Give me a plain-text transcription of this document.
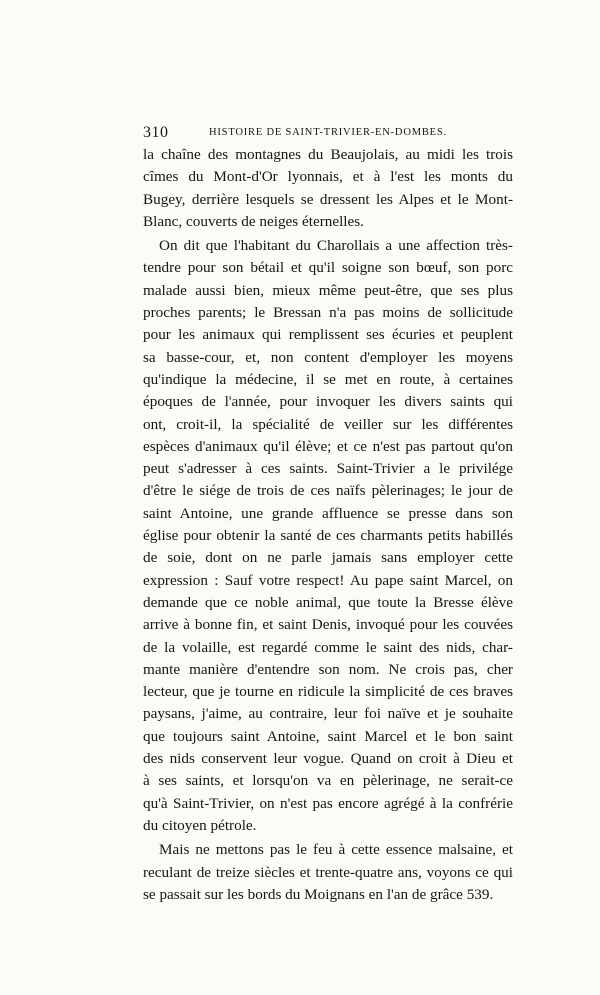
310	HISTOIRE DE SAINT-TRIVIER-EN-DOMBES.
la chaîne des montagnes du Beaujolais, au midi les trois
cîmes du Mont-d'Or lyonnais, et à l'est les monts du
Bugey, derrière lesquels se dressent les Alpes et le Mont-
Blanc, couverts de neiges éternelles.
On dit que l'habitant du Charollais a une affection très-
tendre pour son bétail et qu'il soigne son bœuf, son porc
malade aussi bien, mieux même peut-être, que ses plus
proches parents; le Bressan n'a pas moins de sollicitude
pour les animaux qui remplissent ses écuries et peuplent
sa basse-cour, et, non content d'employer les moyens
qu'indique la médecine, il se met en route, à certaines
époques de l'année, pour invoquer les divers saints qui
ont, croit-il, la spécialité de veiller sur les différentes
espèces d'animaux qu'il élève; et ce n'est pas partout qu'on
peut s'adresser à ces saints. Saint-Trivier a le privilége
d'être le siége de trois de ces naïfs pèlerinages; le jour de
saint Antoine, une grande affluence se presse dans son
église pour obtenir la santé de ces charmants petits habillés
de soie, dont on ne parle jamais sans employer cette
expression : Sauf votre respect! Au pape saint Marcel, on
demande que ce noble animal, que toute la Bresse élève
arrive à bonne fin, et saint Denis, invoqué pour les couvées
de la volaille, est regardé comme le saint des nids, char-
mante manière d'entendre son nom. Ne crois pas, cher
lecteur, que je tourne en ridicule la simplicité de ces braves
paysans, j'aime, au contraire, leur foi naïve et je souhaite
que toujours saint Antoine, saint Marcel et le bon saint
des nids conservent leur vogue. Quand on croit à Dieu et
à ses saints, et lorsqu'on va en pèlerinage, ne serait-ce
qu'à Saint-Trivier, on n'est pas encore agrégé à la confrérie
du citoyen pétrole.
Mais ne mettons pas le feu à cette essence malsaine, et
reculant de treize siècles et trente-quatre ans, voyons ce qui
se passait sur les bords du Moignans en l'an de grâce 539.
